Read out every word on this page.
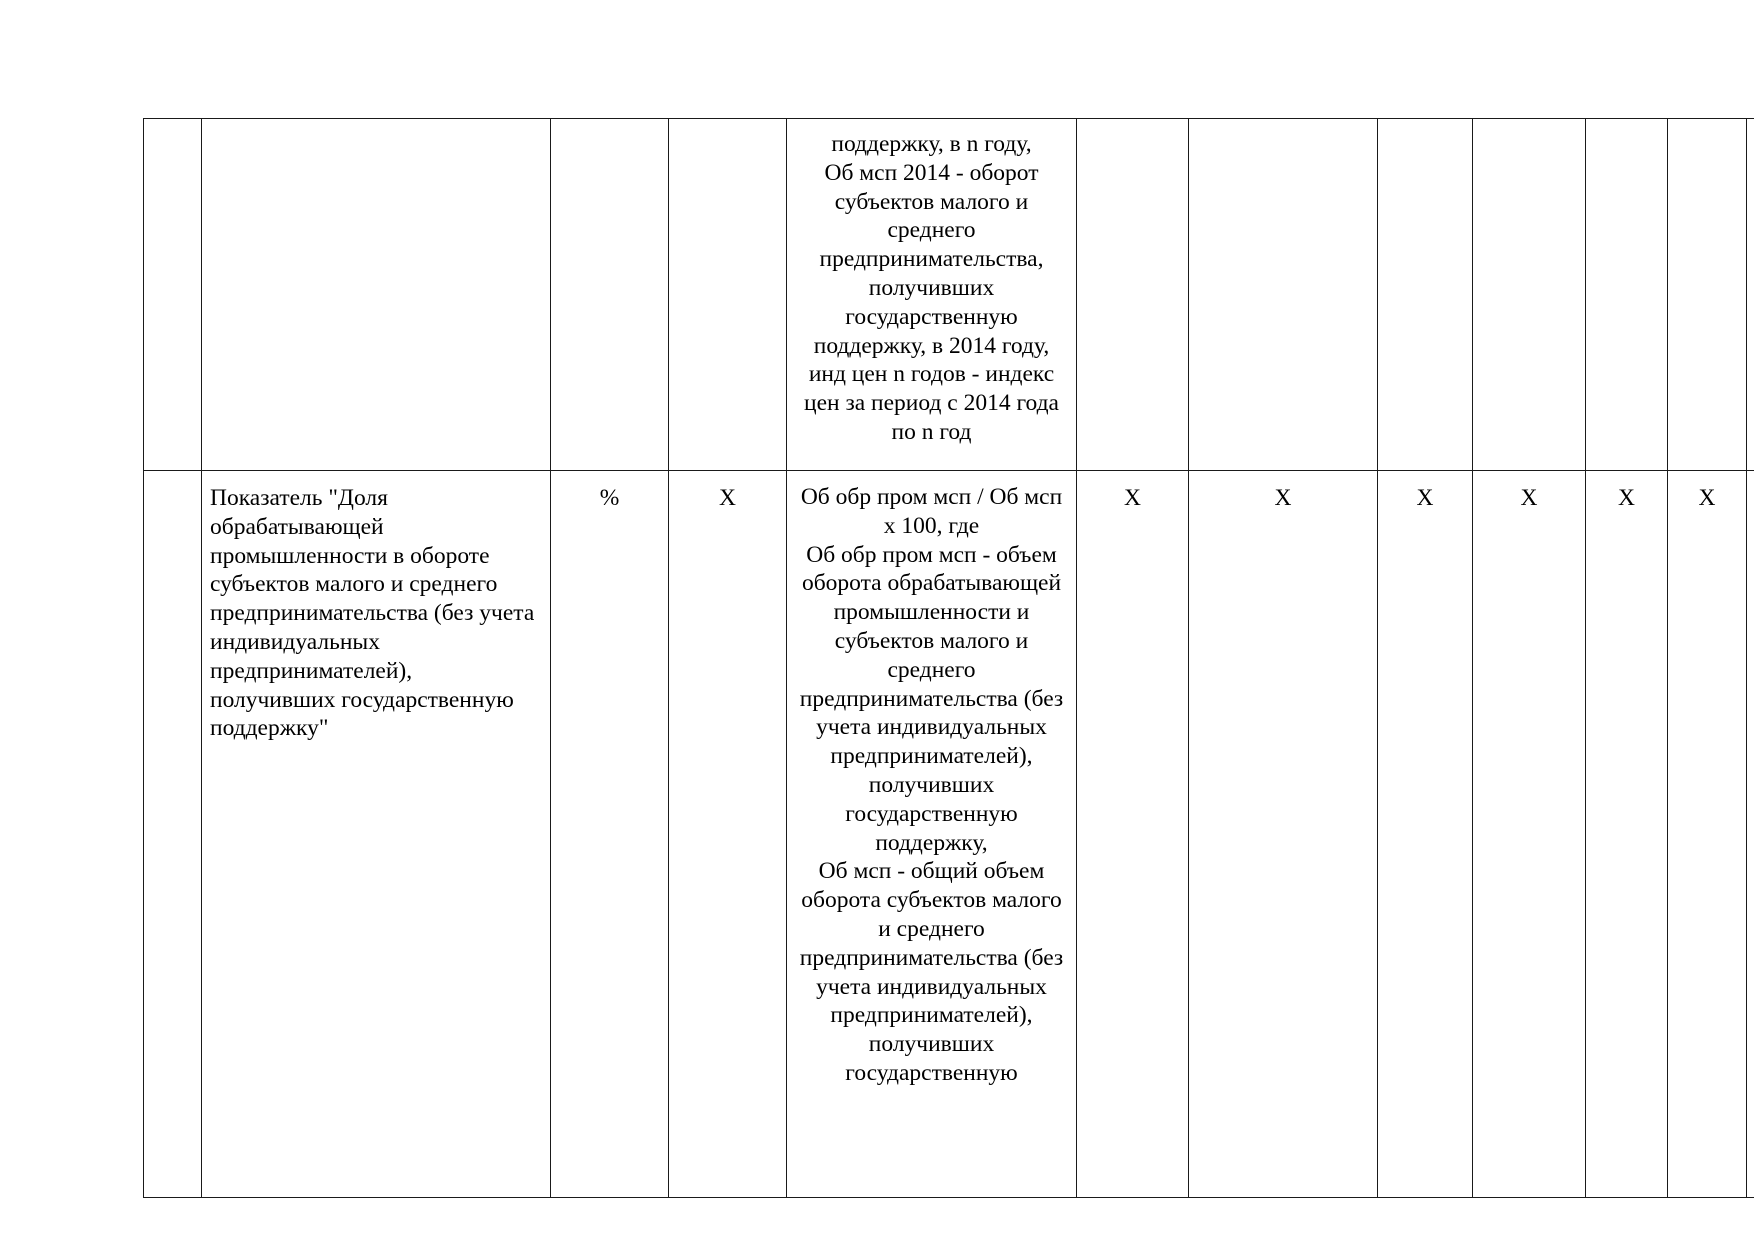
				поддержку, в n году,
Об мсп 2014 - оборот субъектов малого и среднего предпринимательства, получивших государственную поддержку, в 2014 году,
инд цен n годов - индекс цен за период с 2014 года по n год							
	Показатель "Доля обрабатывающей промышленности в обороте субъектов малого и среднего предпринимательства (без учета индивидуальных предпринимателей), получивших государственную поддержку"	%	Х	Об обр пром мсп / Об мсп x 100, где
Об обр пром мсп - объем оборота обрабатывающей промышленности и субъектов малого и среднего предпринимательства (без учета индивидуальных предпринимателей), получивших государственную поддержку,
Об мсп - общий объем оборота субъектов малого и среднего предпринимательства (без учета индивидуальных предпринимателей), получивших государственную	Х	Х	Х	Х	Х	Х	
